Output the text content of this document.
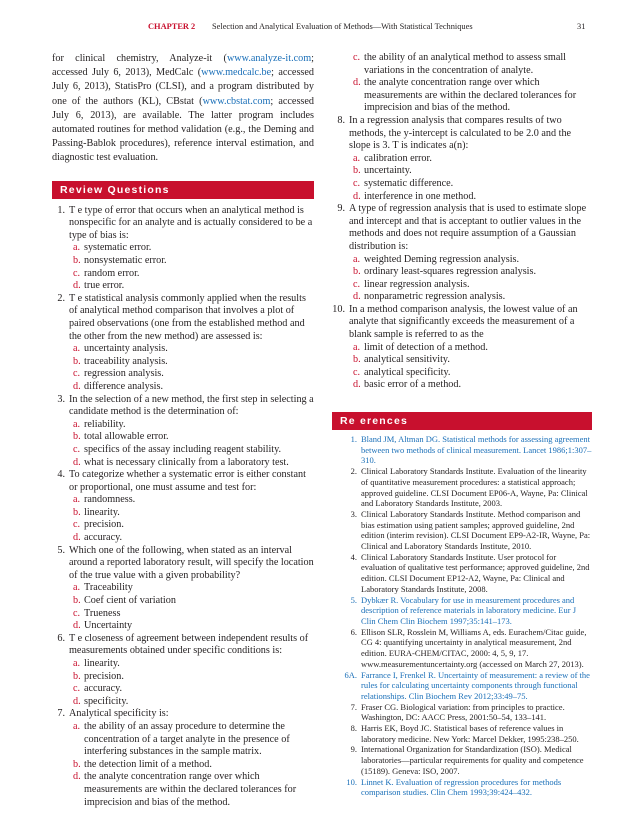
CHAPTER 2 Selection and Analytical Evaluation of Methods—With Statistical Techniques	31

for clinical chemistry, Analyze-it (www.analyze-it.com; accessed July 6, 2013), MedCalc (www.medcalc.be; accessed July 6, 2013), StatisPro (CLSI), and a program distributed by one of the authors (KL), CBstat (www.cbstat.com; accessed July 6, 2013), are available. The latter program includes automated routines for method validation (e.g., the Deming and Passing-Bablok procedures), reference interval estimation, and diagnostic test evaluation.

Review Questions
1. T e type of error that occurs when an analytical method is nonspecific for an analyte and is actually considered to be a type of bias is:
a. systematic error.
b. nonsystematic error.
c. random error.
d. true error.
2. T e statistical analysis commonly applied when the results of analytical method comparison that involves a plot of paired observations (one from the established method and the other from the new method) are assessed is:
a. uncertainty analysis.
b. traceability analysis.
c. regression analysis.
d. difference analysis.
3. In the selection of a new method, the first step in selecting a candidate method is the determination of:
a. reliability.
b. total allowable error.
c. specifics of the assay including reagent stability.
d. what is necessary clinically from a laboratory test.
4. To categorize whether a systematic error is either constant or proportional, one must assume and test for:
a. randomness.
b. linearity.
c. precision.
d. accuracy.
5. Which one of the following, when stated as an interval around a reported laboratory result, will specify the location of the true value with a given probability?
a. Traceability
b. Coef cient of variation
c. Trueness
d. Uncertainty
6. T e closeness of agreement between independent results of measurements obtained under specific conditions is:
a. linearity.
b. precision.
c. accuracy.
d. specificity.
7. Analytical specificity is:
a. the ability of an assay procedure to determine the concentration of a target analyte in the presence of interfering substances in the sample matrix.
b. the detection limit of a method.
d. the analyte concentration range over which measurements are within the declared tolerances for imprecision and bias of the method.
c. the ability of an analytical method to assess small variations in the concentration of analyte.
d. the analyte concentration range over which measurements are within the declared tolerances for imprecision and bias of the method.
8. In a regression analysis that compares results of two methods, the y-intercept is calculated to be 2.0 and the slope is 3. T is indicates a(n):
a. calibration error.
b. uncertainty.
c. systematic difference.
d. interference in one method.
9. A type of regression analysis that is used to estimate slope and intercept and that is acceptant to outlier values in the methods and does not require assumption of a Gaussian distribution is:
a. weighted Deming regression analysis.
b. ordinary least-squares regression analysis.
c. linear regression analysis.
d. nonparametric regression analysis.
10. In a method comparison analysis, the lowest value of an analyte that significantly exceeds the measurement of a blank sample is referred to as the
a. limit of detection of a method.
b. analytical sensitivity.
c. analytical specificity.
d. basic error of a method.
Re erences
1. Bland JM, Altman DG. Statistical methods for assessing agreement between two methods of clinical measurement. Lancet 1986;1:307–310.
2. Clinical Laboratory Standards Institute. Evaluation of the linearity of quantitative measurement procedures: a statistical approach; approved guideline. CLSI Document EP06-A, Wayne, Pa: Clinical and Laboratory Standards Institute, 2003.
3. Clinical Laboratory Standards Institute. Method comparison and bias estimation using patient samples; approved guideline, 2nd edition (interim revision). CLSI Document EP9-A2-IR, Wayne, Pa: Clinical and Laboratory Standards Institute, 2010.
4. Clinical Laboratory Standards Institute. User protocol for evaluation of qualitative test performance; approved guideline, 2nd edition. CLSI Document EP12-A2, Wayne, Pa: Clinical and Laboratory Standards Institute, 2008.
5. Dybkær R. Vocabulary for use in measurement procedures and description of reference materials in laboratory medicine. Eur J Clin Chem Clin Biochem 1997;35:141–173.
6. Ellison SLR, Rosslein M, Williams A, eds. Eurachem/Citac guide, CG 4: quantifying uncertainty in analytical measurement, 2nd edition. EURA-CHEM/CITAC, 2000: 4, 5, 9, 17. www.measurementuncertainty.org (accessed on March 27, 2013).
6A. Farrance I, Frenkel R. Uncertainty of measurement: a review of the rules for calculating uncertainty components through functional relationships. Clin Biochem Rev 2012;33:49–75.
7. Fraser CG. Biological variation: from principles to practice. Washington, DC: AACC Press, 2001:50–54, 133–141.
8. Harris EK, Boyd JC. Statistical bases of reference values in laboratory medicine. New York: Marcel Dekker, 1995:238–250.
9. International Organization for Standardization (ISO). Medical laboratories—particular requirements for quality and competence (15189). Geneva: ISO, 2007.
10. Linnet K. Evaluation of regression procedures for methods comparison studies. Clin Chem 1993;39:424–432.
